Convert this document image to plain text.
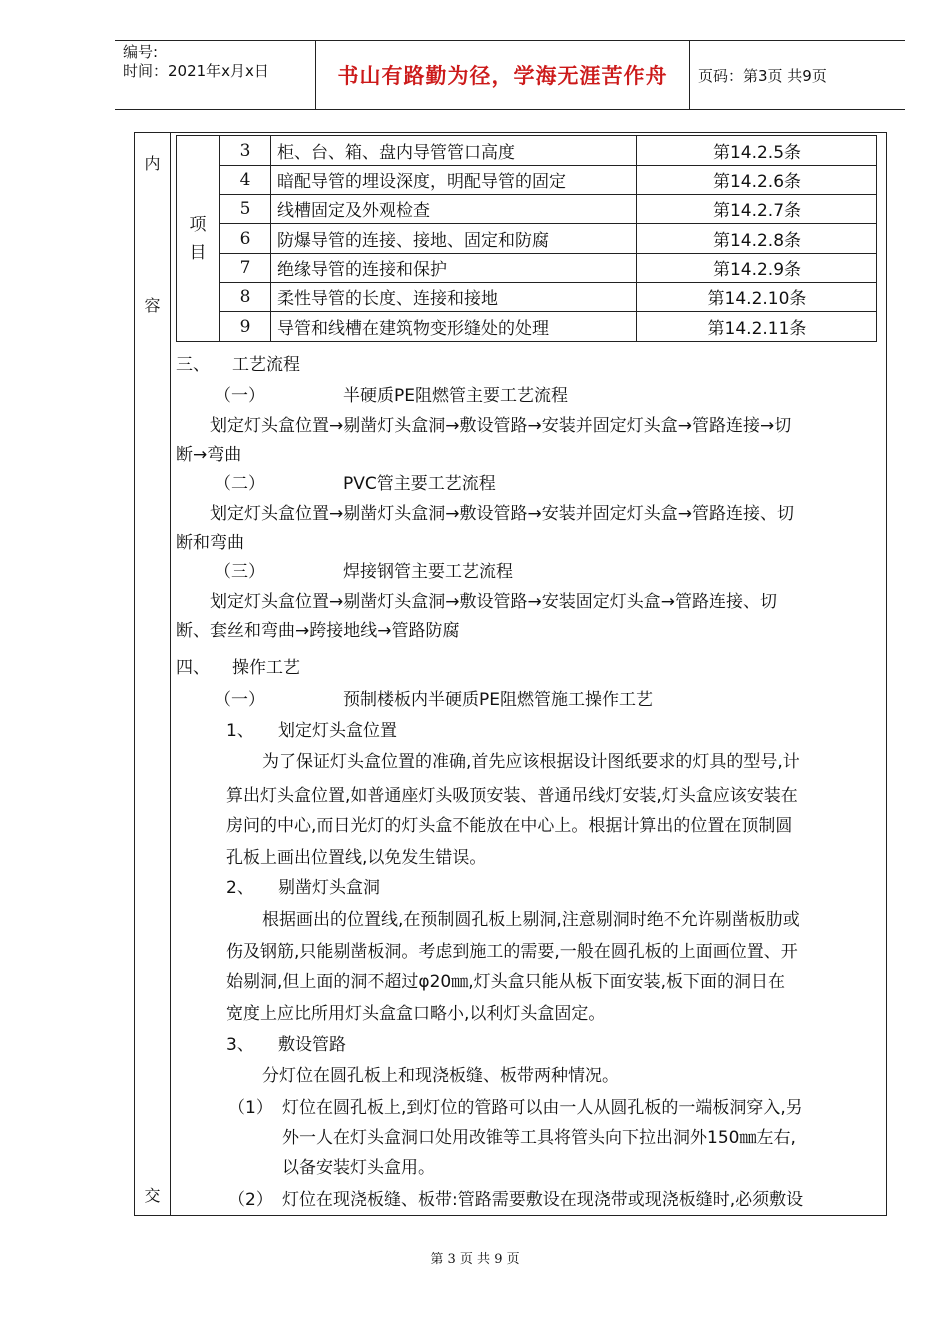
编号:
时间：2021年x月x日	书山有路勤为径，学海无涯苦作舟 页码：第3页 共9页
内
容
交
项
目
3	柜、台、箱、盘内导管管口高度	第14.2.5条
4	暗配导管的埋设深度，明配导管的固定	第14.2.6条
5	线槽固定及外观检查	第14.2.7条
6	防爆导管的连接、接地、固定和防腐	第14.2.8条
7	绝缘导管的连接和保护	第14.2.9条
8	柔性导管的长度、连接和接地	第14.2.10条
9	导管和线槽在建筑物变形缝处的处理	第14.2.11条
三、 工艺流程
（一）	半硬质PE阻燃管主要工艺流程
划定灯头盒位置→剔凿灯头盒洞→敷设管路→安装并固定灯头盒→管路连接→切
断→弯曲
（二）	PVC管主要工艺流程
划定灯头盒位置→剔凿灯头盒洞→敷设管路→安装并固定灯头盒→管路连接、切
断和弯曲
（三）	焊接钢管主要工艺流程
划定灯头盒位置→剔凿灯头盒洞→敷设管路→安装固定灯头盒→管路连接、切
断、套丝和弯曲→跨接地线→管路防腐
四、 操作工艺
（一）	预制楼板内半硬质PE阻燃管施工操作工艺
1、 划定灯头盒位置
为了保证灯头盒位置的准确,首先应该根据设计图纸要求的灯具的型号,计
算出灯头盒位置,如普通座灯头吸顶安装、普通吊线灯安装,灯头盒应该安装在
房问的中心,而日光灯的灯头盒不能放在中心上。根据计算出的位置在顶制圆
孔板上画出位置线,以免发生错误。
2、 剔凿灯头盒洞
根据画出的位置线,在预制圆孔板上剔洞,注意剔洞时绝不允许剔凿板肋或
伤及钢筋,只能剔凿板洞。考虑到施工的需要,一般在圆孔板的上面画位置、开
始剔洞,但上面的洞不超过φ20㎜,灯头盒只能从板下面安装,板下面的洞日在
宽度上应比所用灯头盒盒口略小,以利灯头盒固定。
3、 敷设管路
分灯位在圆孔板上和现浇板缝、板带两种情况。
（1） 灯位在圆孔板上,到灯位的管路可以由一人从圆孔板的一端板洞穿入,另
外一人在灯头盒洞口处用改锥等工具将管头向下拉出洞外150㎜左右,
以备安装灯头盒用。
（2） 灯位在现浇板缝、板带:管路需要敷设在现浇带或现浇板缝时,必须敷设
第 3 页 共 9 页
